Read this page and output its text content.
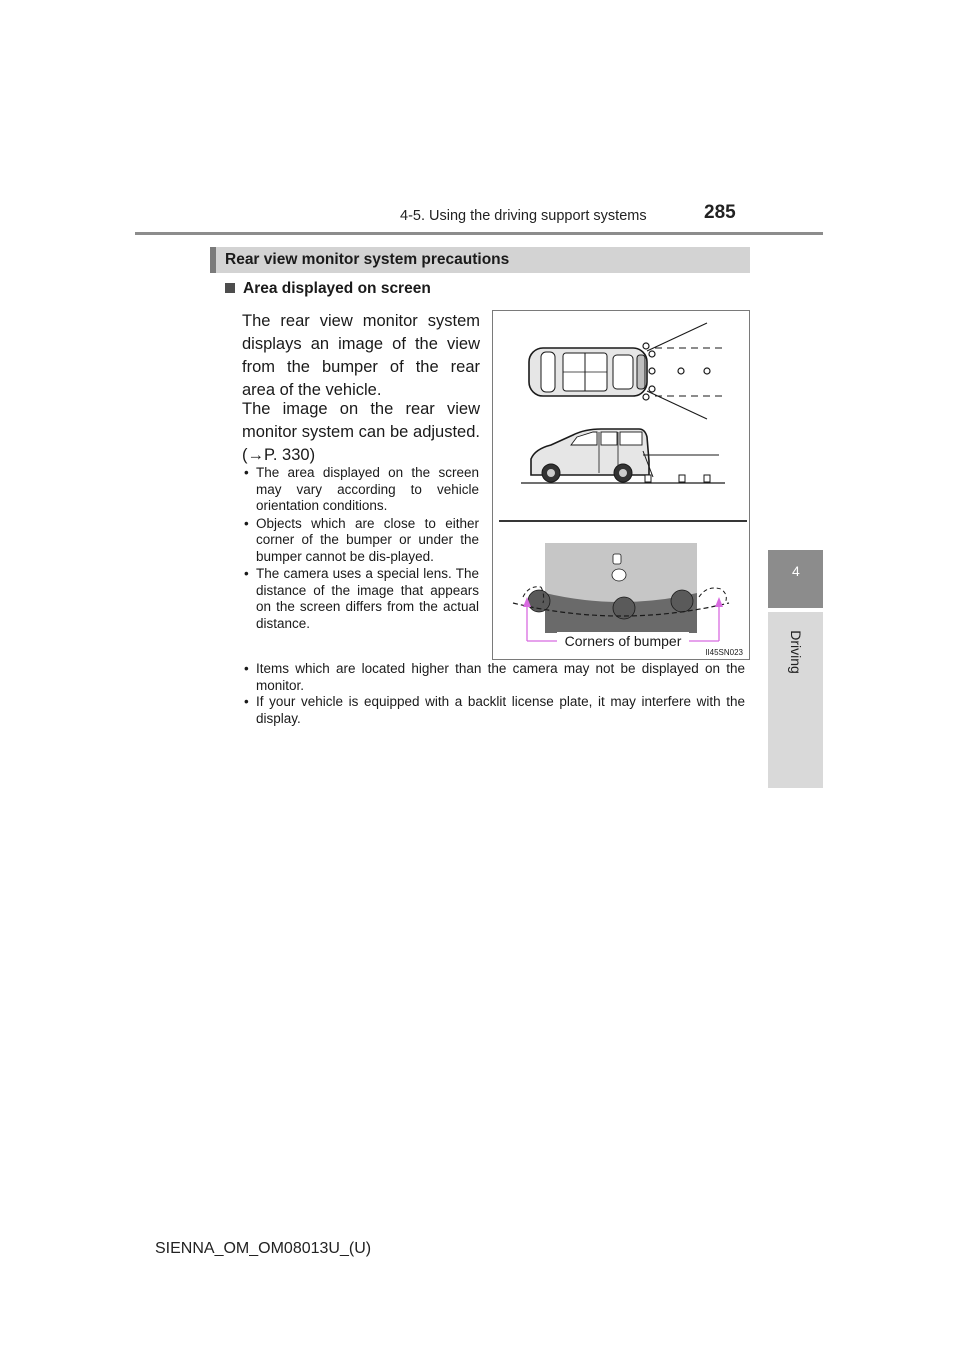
4-5. Using the driving support systems	285
4
Driving
Rear view monitor system precautions
Area displayed on screen
The rear view monitor system displays an image of the view from the bumper of the rear area of the vehicle.
The image on the rear view monitor system can be adjusted. (→P. 330)
• The area displayed on the screen may vary according to vehicle orientation conditions.
• Objects which are close to either corner of the bumper or under the bumper cannot be dis-played.
• The camera uses a special lens. The distance of the image that appears on the screen differs from the actual distance.
• Items which are located higher than the camera may not be displayed on the monitor.
• If your vehicle is equipped with a backlit license plate, it may interfere with the display.
Corners of bumper
II45SN023
SIENNA_OM_OM08013U_(U)
